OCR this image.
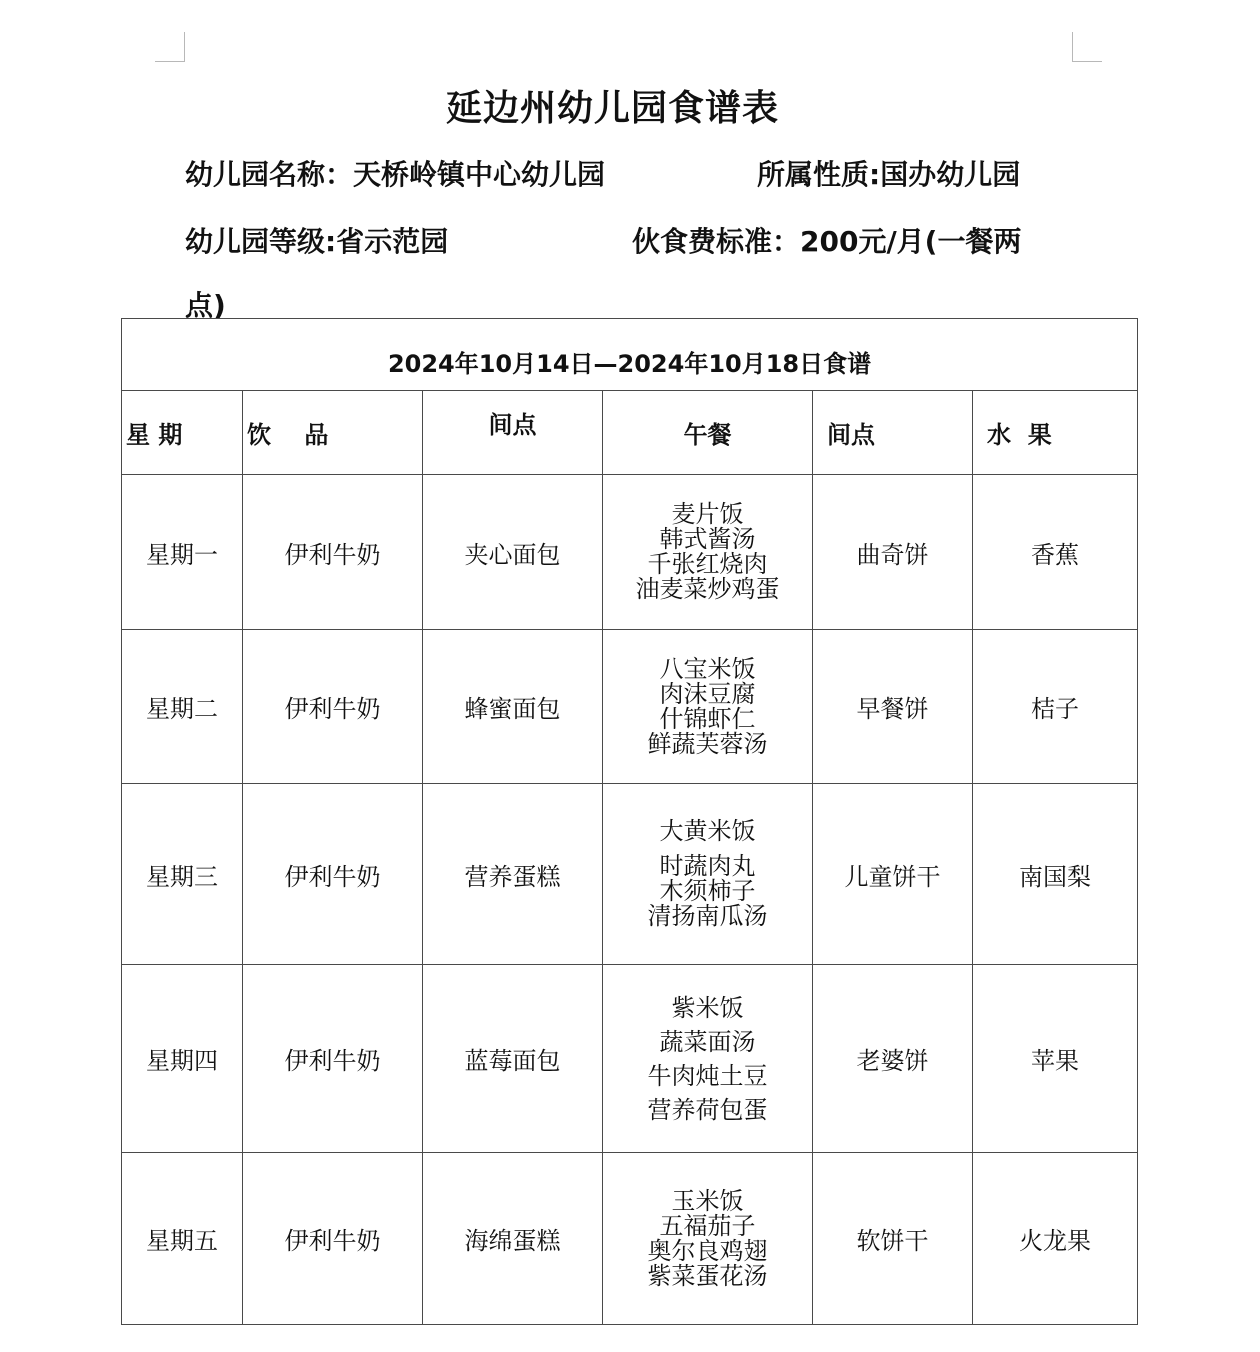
延边州幼儿园食谱表
幼儿园名称：天桥岭镇中心幼儿园	所属性质:国办幼儿园
幼儿园等级:省示范园	伙食费标准：200元/月(一餐两
点)
2024年10月14日—2024年10月18日食谱					
星 期	饮    品	间点	午餐	间点	水  果
星期一	伊利牛奶	夹心面包	麦片饭
韩式酱汤
千张红烧肉
油麦菜炒鸡蛋	曲奇饼	香蕉
星期二	伊利牛奶	蜂蜜面包	八宝米饭
肉沫豆腐
什锦虾仁
鲜蔬芙蓉汤	早餐饼	桔子
星期三	伊利牛奶	营养蛋糕	大黄米饭
时蔬肉丸
木须柿子
清扬南瓜汤	儿童饼干	南国梨
星期四	伊利牛奶	蓝莓面包	紫米饭
蔬菜面汤
牛肉炖土豆
营养荷包蛋	老婆饼	苹果
星期五	伊利牛奶	海绵蛋糕	玉米饭
五福茄子
奥尔良鸡翅
紫菜蛋花汤	软饼干	火龙果
